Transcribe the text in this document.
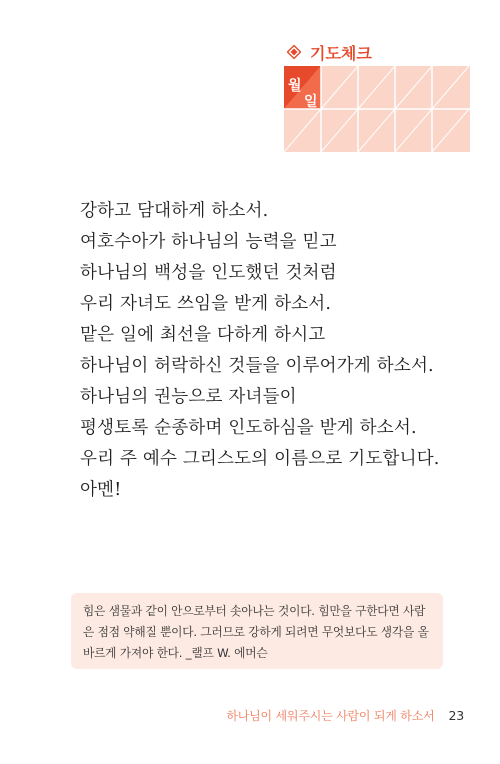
기도체크
월
일
강하고 담대하게 하소서.
여호수아가 하나님의 능력을 믿고
하나님의 백성을 인도했던 것처럼
우리 자녀도 쓰임을 받게 하소서.
맡은 일에 최선을 다하게 하시고
하나님이 허락하신 것들을 이루어가게 하소서.
하나님의 권능으로 자녀들이
평생토록 순종하며 인도하심을 받게 하소서.
우리 주 예수 그리스도의 이름으로 기도합니다.
아멘!
힘은 샘물과 같이 안으로부터 솟아나는 것이다. 힘만을 구한다면 사람
은 점점 약해질 뿐이다. 그러므로 강하게 되려면 무엇보다도 생각을 올
바르게 가져야 한다. _랠프 W. 에머슨
하나님이 세워주시는 사람이 되게 하소서 23
